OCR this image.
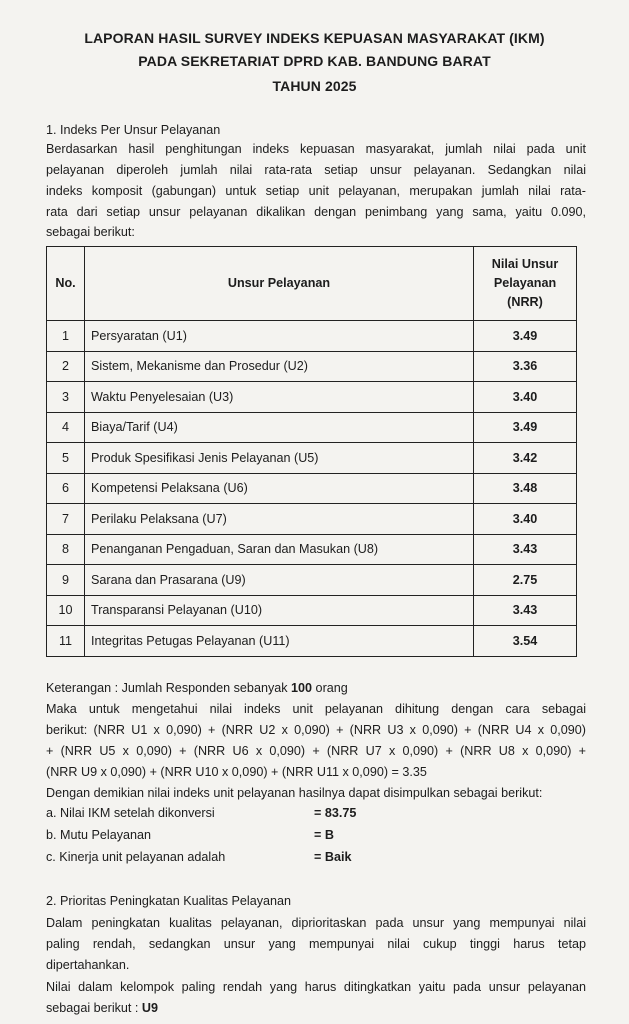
LAPORAN HASIL SURVEY INDEKS KEPUASAN MASYARAKAT (IKM)
PADA SEKRETARIAT DPRD KAB. BANDUNG BARAT
TAHUN 2025
1. Indeks Per Unsur Pelayanan
Berdasarkan hasil penghitungan indeks kepuasan masyarakat, jumlah nilai pada unit
pelayanan diperoleh jumlah nilai rata-rata setiap unsur pelayanan. Sedangkan nilai
indeks komposit (gabungan) untuk setiap unit pelayanan, merupakan jumlah nilai rata-
rata dari setiap unsur pelayanan dikalikan dengan penimbang yang sama, yaitu 0.090,
sebagai berikut:
No.	Unsur Pelayanan	Nilai Unsur
Pelayanan
(NRR)

1	Persyaratan (U1)	3.49
2	Sistem, Mekanisme dan Prosedur (U2)	3.36
3	Waktu Penyelesaian (U3)	3.40
4	Biaya/Tarif (U4)	3.49
5	Produk Spesifikasi Jenis Pelayanan (U5)	3.42
6	Kompetensi Pelaksana (U6)	3.48
7	Perilaku Pelaksana (U7)	3.40
8	Penanganan Pengaduan, Saran dan Masukan (U8)	3.43
9	Sarana dan Prasarana (U9)	2.75
10	Transparansi Pelayanan (U10)	3.43
11	Integritas Petugas Pelayanan (U11)	3.54
Keterangan : Jumlah Responden sebanyak 100 orang
Maka untuk mengetahui nilai indeks unit pelayanan dihitung dengan cara sebagai
berikut: (NRR U1 x 0,090) + (NRR U2 x 0,090) + (NRR U3 x 0,090) + (NRR U4 x 0,090)
+ (NRR U5 x 0,090) + (NRR U6 x 0,090) + (NRR U7 x 0,090) + (NRR U8 x 0,090) +
(NRR U9 x 0,090) + (NRR U10 x 0,090) + (NRR U11 x 0,090) = 3.35
Dengan demikian nilai indeks unit pelayanan hasilnya dapat disimpulkan sebagai berikut:
a. Nilai IKM setelah dikonversi	= 83.75
b. Mutu Pelayanan	= B
c. Kinerja unit pelayanan adalah	= Baik
2. Prioritas Peningkatan Kualitas Pelayanan
Dalam peningkatan kualitas pelayanan, diprioritaskan pada unsur yang mempunyai nilai
paling rendah, sedangkan unsur yang mempunyai nilai cukup tinggi harus tetap
dipertahankan.
Nilai dalam kelompok paling rendah yang harus ditingkatkan yaitu pada unsur pelayanan
sebagai berikut : U9
